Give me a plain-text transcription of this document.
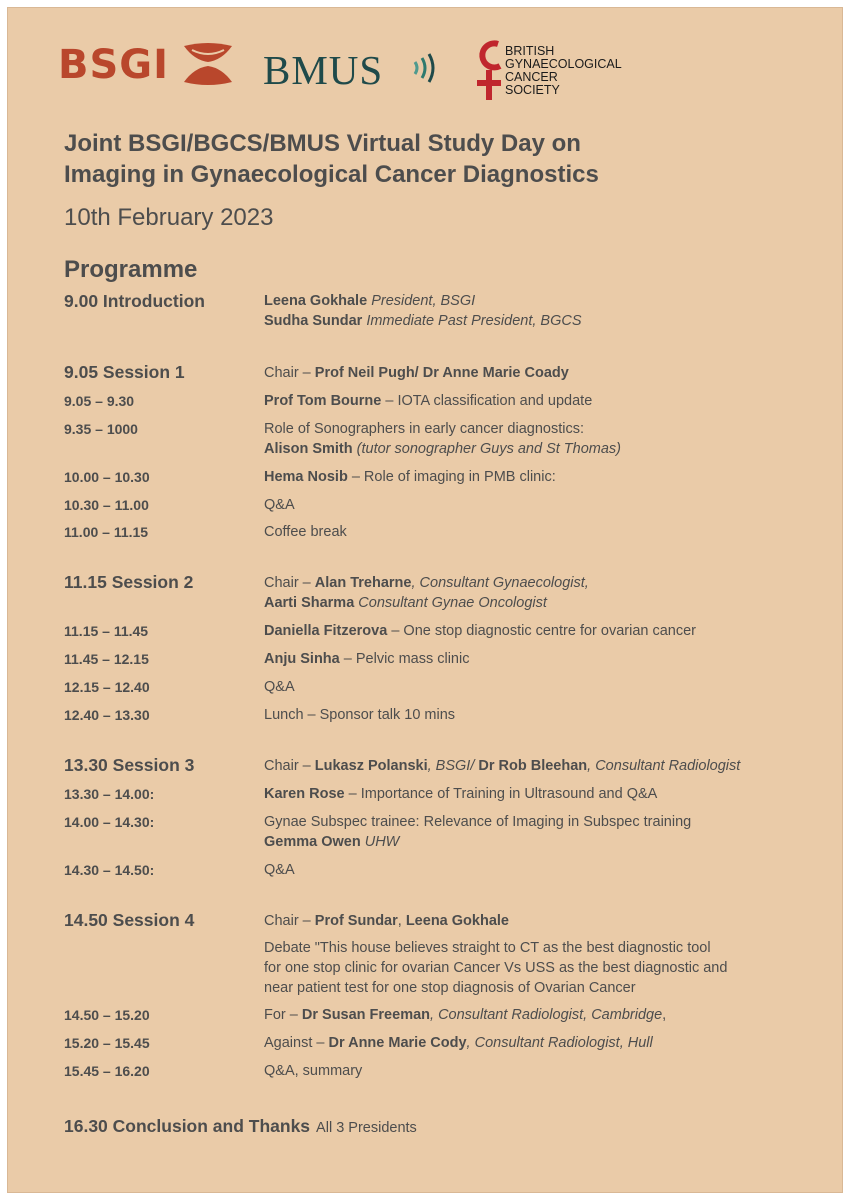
BSGI BMUS	BRITISH
GYNAECOLOGICAL
CANCER
SOCIETY
Joint BSGI/BGCS/BMUS Virtual Study Day on
Imaging in Gynaecological Cancer Diagnostics
10th February 2023
Programme
9.00 Introduction	Leena Gokhale President, BSGI
Sudha Sundar Immediate Past President, BGCS
9.05 Session 1	Chair – Prof Neil Pugh/ Dr Anne Marie Coady
9.05 – 9.30	Prof Tom Bourne – IOTA classification and update
9.35 – 1000	Role of Sonographers in early cancer diagnostics:
Alison Smith (tutor sonographer Guys and St Thomas)
10.00 – 10.30	Hema Nosib – Role of imaging in PMB clinic:
10.30 – 11.00	Q&A
11.00 – 11.15	Coffee break
11.15 Session 2	Chair – Alan Treharne, Consultant Gynaecologist,
Aarti Sharma Consultant Gynae Oncologist
11.15 – 11.45	Daniella Fitzerova – One stop diagnostic centre for ovarian cancer
11.45 – 12.15	Anju Sinha – Pelvic mass clinic
12.15 – 12.40	Q&A
12.40 – 13.30	Lunch – Sponsor talk 10 mins
13.30 Session 3	Chair – Lukasz Polanski, BSGI/ Dr Rob Bleehan, Consultant Radiologist
13.30 – 14.00:	Karen Rose – Importance of Training in Ultrasound and Q&A
14.00 – 14.30:	Gynae Subspec trainee: Relevance of Imaging in Subspec training
Gemma Owen UHW
14.30 – 14.50:	Q&A
14.50 Session 4	Chair – Prof Sundar, Leena Gokhale
Debate "This house believes straight to CT as the best diagnostic tool
for one stop clinic for ovarian Cancer Vs USS as the best diagnostic and
near patient test for one stop diagnosis of Ovarian Cancer
14.50 – 15.20	For – Dr Susan Freeman, Consultant Radiologist, Cambridge,
15.20 – 15.45	Against – Dr Anne Marie Cody, Consultant Radiologist, Hull
15.45 – 16.20	Q&A, summary
16.30 Conclusion and Thanks All 3 Presidents
